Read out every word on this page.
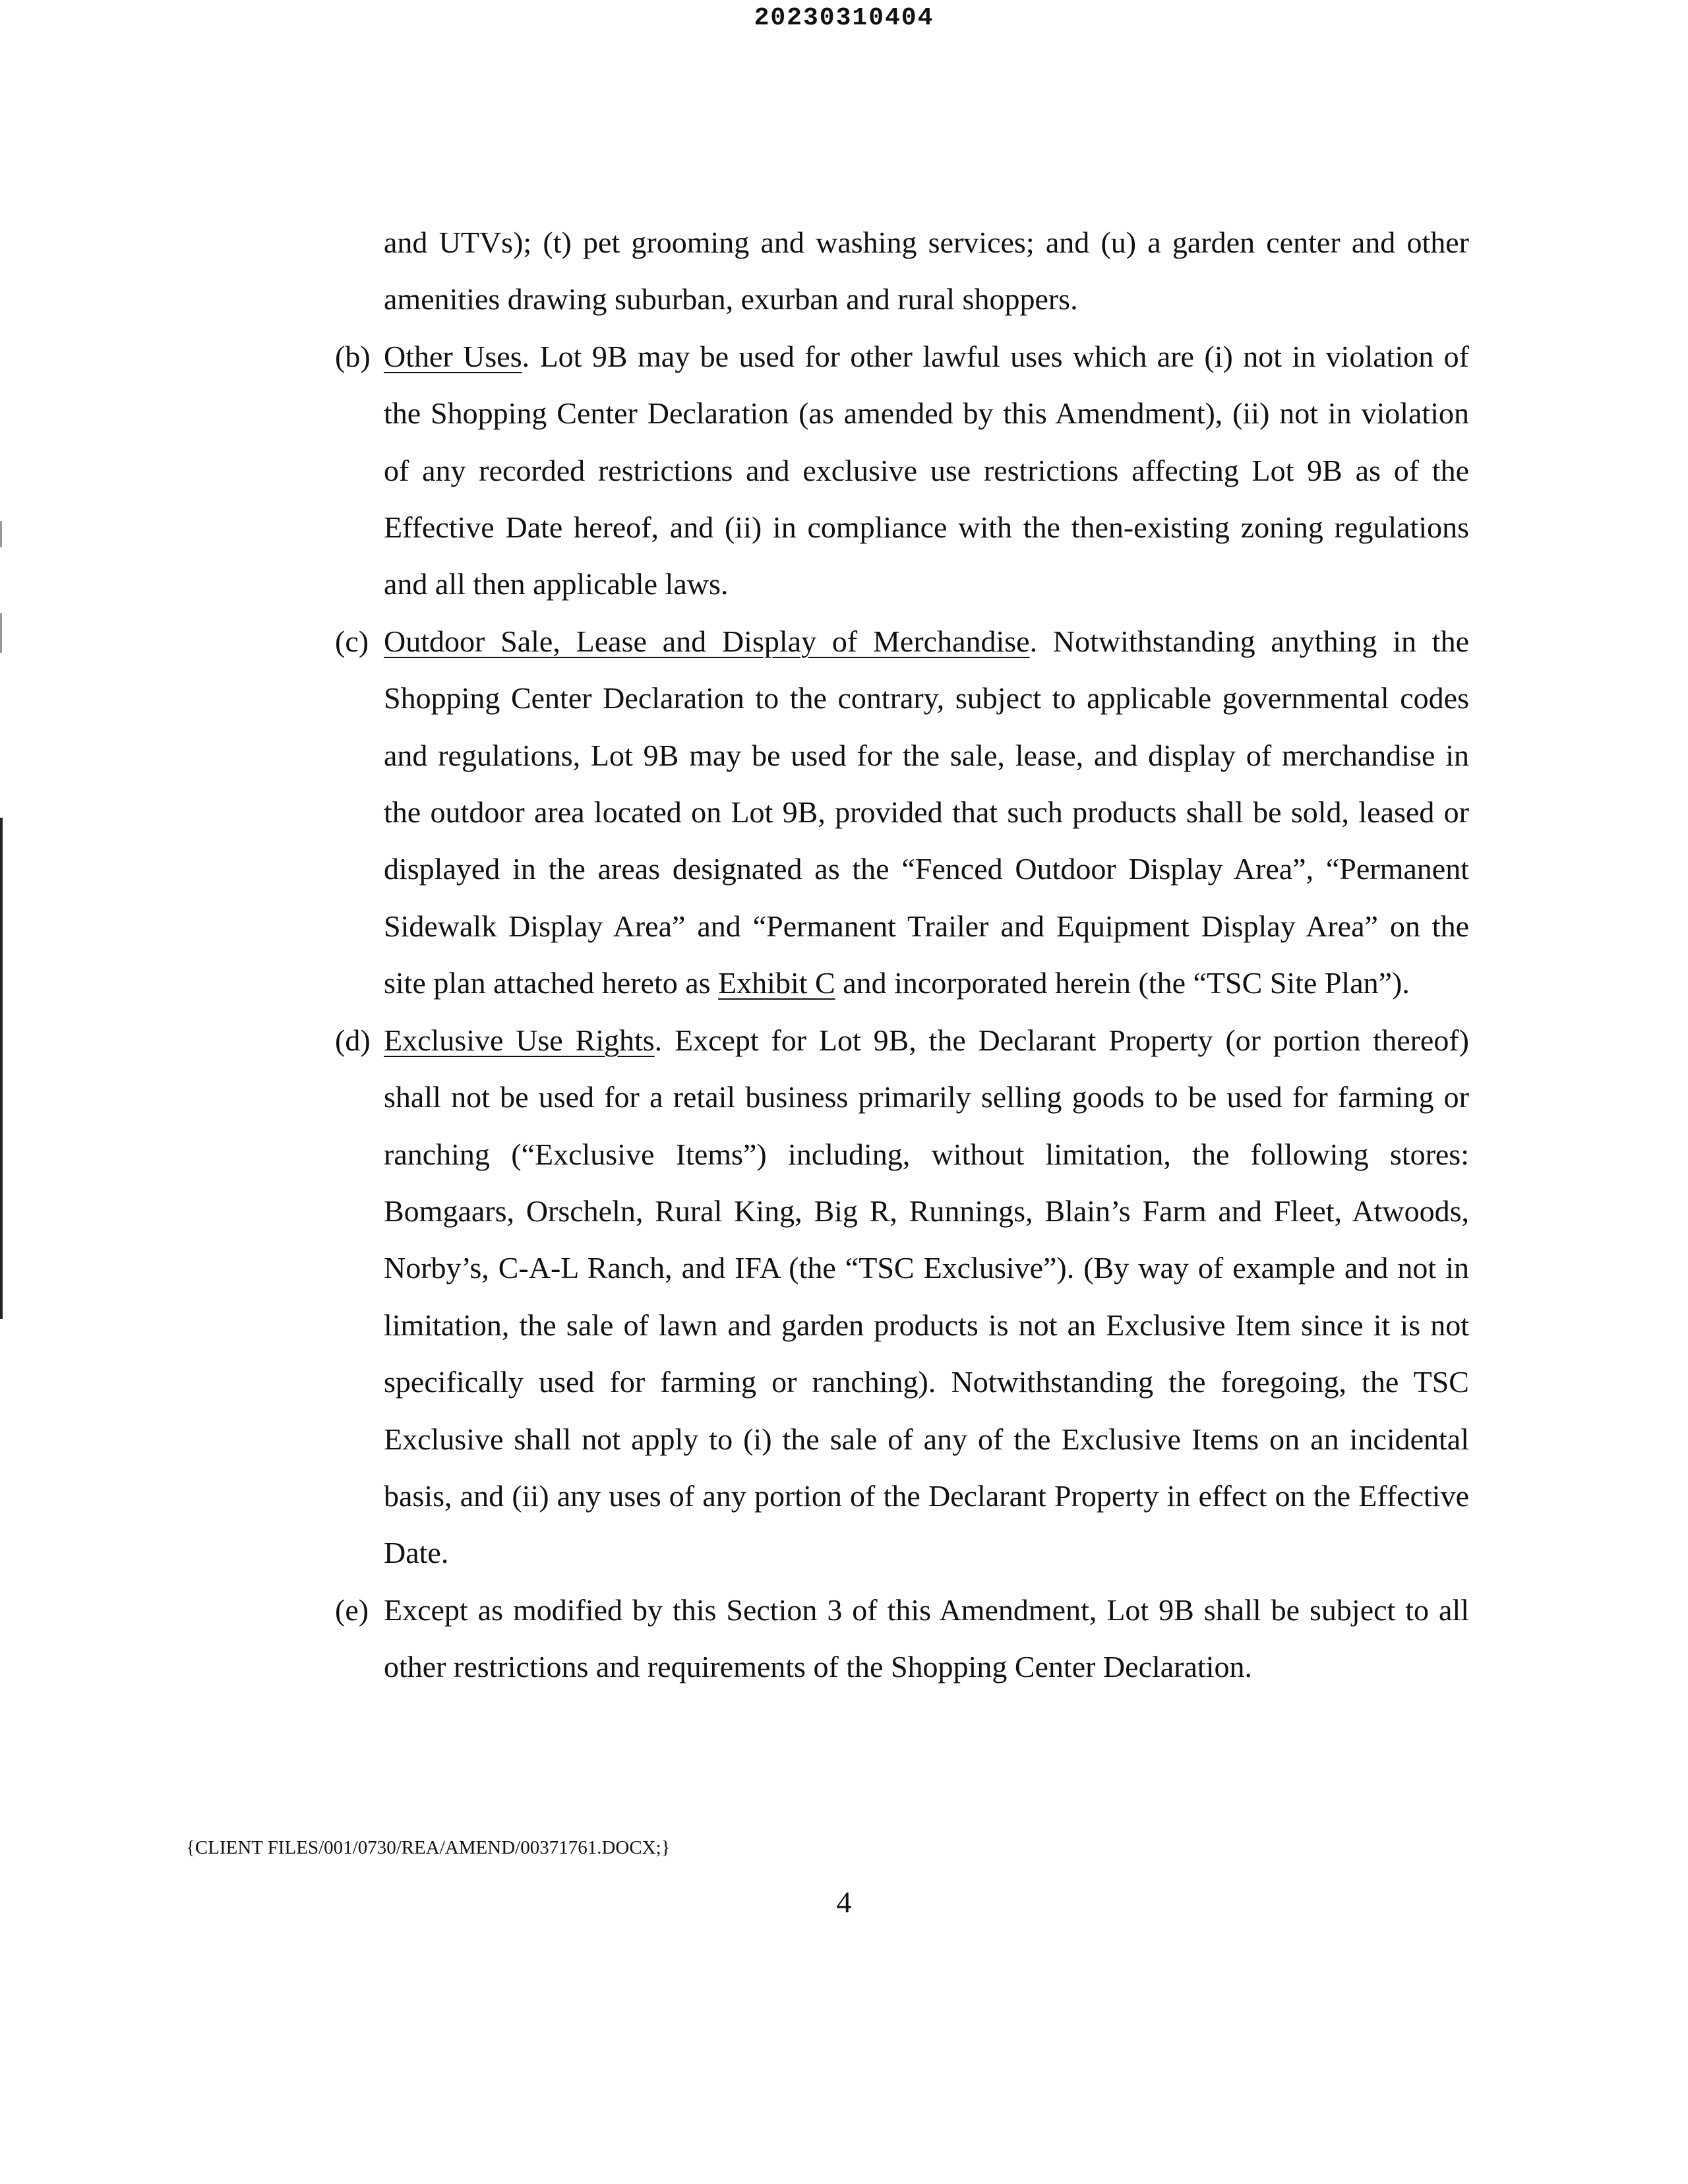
20230310404

and UTVs); (t) pet grooming and washing services; and (u) a garden center and other amenities drawing suburban, exurban and rural shoppers.

(b) Other Uses. Lot 9B may be used for other lawful uses which are (i) not in violation of the Shopping Center Declaration (as amended by this Amendment), (ii) not in violation of any recorded restrictions and exclusive use restrictions affecting Lot 9B as of the Effective Date hereof, and (ii) in compliance with the then-existing zoning regulations and all then applicable laws.

(c) Outdoor Sale, Lease and Display of Merchandise. Notwithstanding anything in the Shopping Center Declaration to the contrary, subject to applicable governmental codes and regulations, Lot 9B may be used for the sale, lease, and display of merchandise in the outdoor area located on Lot 9B, provided that such products shall be sold, leased or displayed in the areas designated as the “Fenced Outdoor Display Area”, “Permanent Sidewalk Display Area” and “Permanent Trailer and Equipment Display Area” on the site plan attached hereto as Exhibit C and incorporated herein (the “TSC Site Plan”).

(d) Exclusive Use Rights. Except for Lot 9B, the Declarant Property (or portion thereof) shall not be used for a retail business primarily selling goods to be used for farming or ranching (“Exclusive Items”) including, without limitation, the following stores: Bomgaars, Orscheln, Rural King, Big R, Runnings, Blain’s Farm and Fleet, Atwoods, Norby’s, C-A-L Ranch, and IFA (the “TSC Exclusive”). (By way of example and not in limitation, the sale of lawn and garden products is not an Exclusive Item since it is not specifically used for farming or ranching). Notwithstanding the foregoing, the TSC Exclusive shall not apply to (i) the sale of any of the Exclusive Items on an incidental basis, and (ii) any uses of any portion of the Declarant Property in effect on the Effective Date.

(e) Except as modified by this Section 3 of this Amendment, Lot 9B shall be subject to all other restrictions and requirements of the Shopping Center Declaration.

{CLIENT FILES/001/0730/REA/AMEND/00371761.DOCX;}
4
